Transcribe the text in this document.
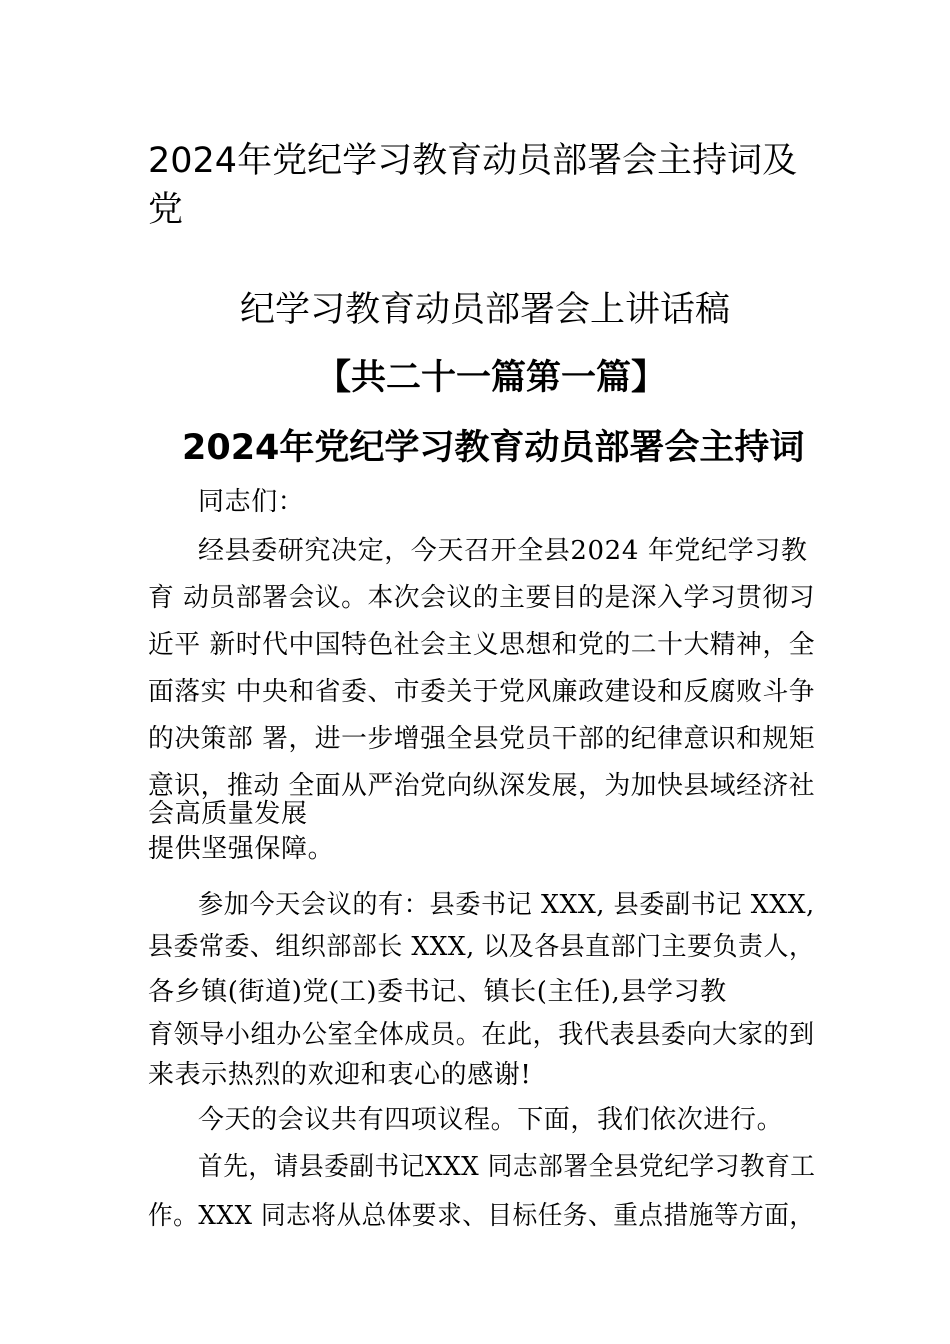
2024年党纪学习教育动员部署会主持词及
党
纪学习教育动员部署会上讲话稿
【共二十一篇第一篇】
2024年党纪学习教育动员部署会主持词
同志们：
经县委研究决定，今天召开全县2024 年党纪学习教
育 动员部署会议。本次会议的主要目的是深入学习贯彻习
近平 新时代中国特色社会主义思想和党的二十大精神，全
面落实 中央和省委、市委关于党风廉政建设和反腐败斗争
的决策部 署，进一步增强全县党员干部的纪律意识和规矩
意识，推动 全面从严治党向纵深发展，为加快县域经济社
会高质量发展
提供坚强保障。
参加今天会议的有：县委书记 XXX, 县委副书记 XXX,
县委常委、组织部部长 XXX, 以及各县直部门主要负责人，
各乡镇(街道)党(工)委书记、镇长(主任),县学习教
育领导小组办公室全体成员。在此，我代表县委向大家的到
来表示热烈的欢迎和衷心的感谢!
今天的会议共有四项议程。下面，我们依次进行。
首先，请县委副书记XXX 同志部署全县党纪学习教育工
作。XXX 同志将从总体要求、目标任务、重点措施等方面，
